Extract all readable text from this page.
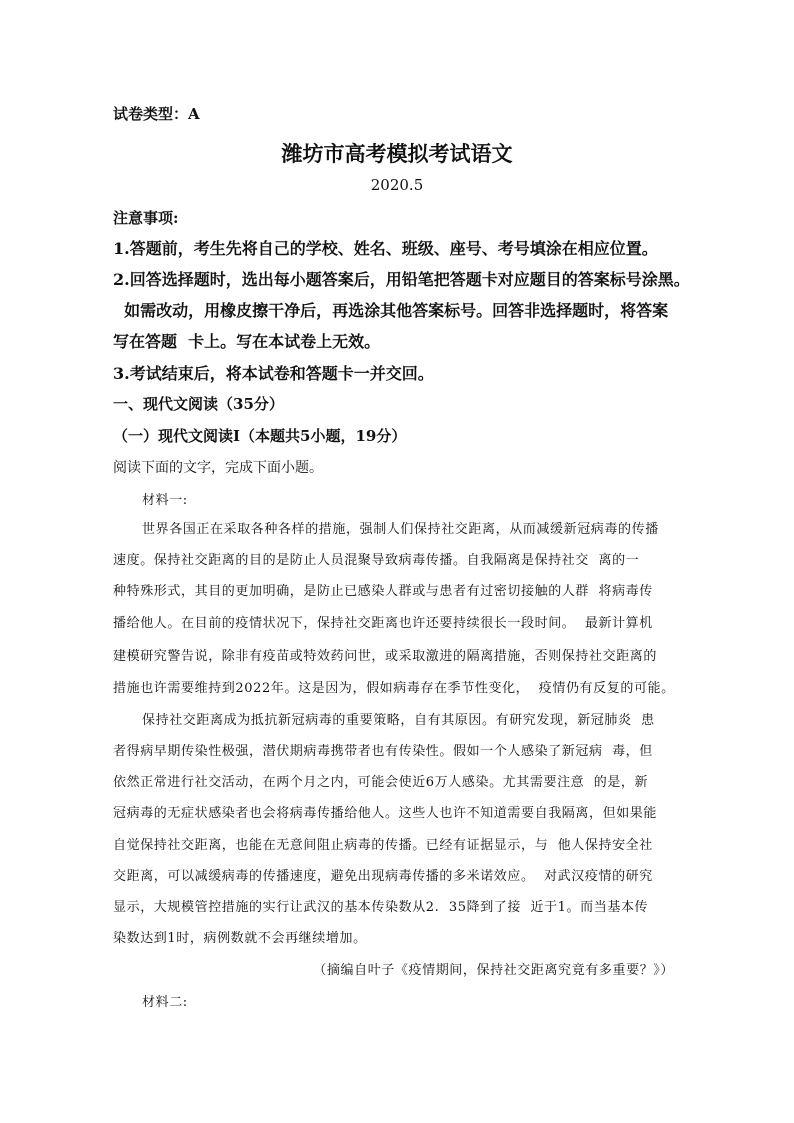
试卷类型：A
潍坊市高考模拟考试语文
2020.5
注意事项:
1.答题前，考生先将自己的学校、姓名、班级、座号、考号填涂在相应位置。
2.回答选择题时，选出每小题答案后，用铅笔把答题卡对应题目的答案标号涂黑。
如需改动，用橡皮擦干净后，再选涂其他答案标号。回答非选择题时，将答案
写在答题  卡上。写在本试卷上无效。
3.考试结束后，将本试卷和答题卡一并交回。
一、现代文阅读（35分）
（一）现代文阅读Ⅰ（本题共5小题，19分）
阅读下面的文字，完成下面小题。
材料一:
世界各国正在采取各种各样的措施，强制人们保持社交距离，从而减缓新冠病毒的传播
速度。保持社交距离的目的是防止人员混聚导致病毒传播。自我隔离是保持社交  离的一
种特殊形式，其目的更加明确，是防止已感染人群或与患者有过密切接触的人群  将病毒传
播给他人。在目前的疫情状况下，保持社交距离也许还要持续很长一段时间。  最新计算机
建模研究警告说，除非有疫苗或特效药问世，或采取激进的隔离措施，否则保持社交距离的
措施也许需要维持到2022年。这是因为，假如病毒存在季节性变化，  疫情仍有反复的可能。
保持社交距离成为抵抗新冠病毒的重要策略，自有其原因。有研究发现，新冠肺炎  患
者得病早期传染性极强，潜伏期病毒携带者也有传染性。假如一个人感染了新冠病  毒，但
依然正常进行社交活动，在两个月之内，可能会使近6万人感染。尤其需要注意  的是，新
冠病毒的无症状感染者也会将病毒传播给他人。这些人也许不知道需要自我隔离，但如果能
自觉保持社交距离，也能在无意间阻止病毒的传播。已经有证据显示，与  他人保持安全社
交距离，可以减缓病毒的传播速度，避免出现病毒传播的多米诺效应。  对武汉疫情的研究
显示，大规模管控措施的实行让武汉的基本传染数从2.  35降到了接  近于1。而当基本传
染数达到1时，病例数就不会再继续增加。
（摘编自叶子《疫情期间，保持社交距离究竟有多重要？》）
材料二:
